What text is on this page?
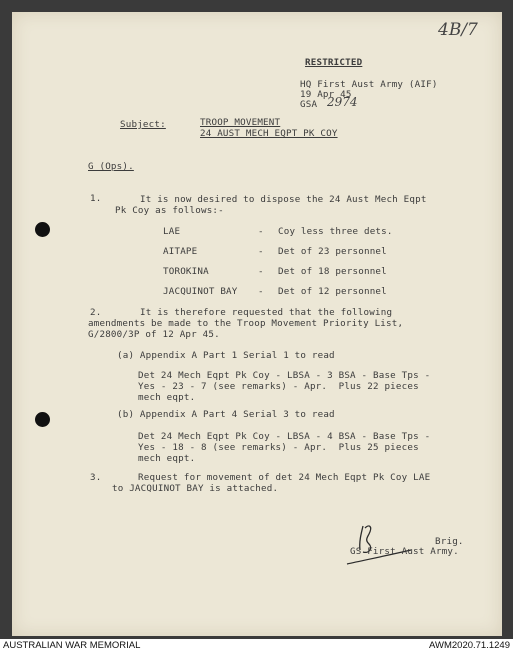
4B/7
RESTRICTED
HQ First Aust Army (AIF)
19 Apr 45
GSA 2974
Subject:	TROOP MOVEMENT
24 AUST MECH EQPT PK COY
G (Ops).
1.	It is now desired to dispose the 24 Aust Mech Eqpt
Pk Coy as follows:-
LAE	- Coy less three dets.
AITAPE	- Det of 23 personnel
TOROKINA	- Det of 18 personnel
JACQUINOT BAY - Det of 12 personnel
2.	It is therefore requested that the following
amendments be made to the Troop Movement Priority List,
G/2800/3P of 12 Apr 45.
(a) Appendix A Part 1 Serial 1 to read
Det 24 Mech Eqpt Pk Coy - LBSA - 3 BSA - Base Tps -
Yes - 23 - 7 (see remarks) - Apr.  Plus 22 pieces
mech eqpt.
(b) Appendix A Part 4 Serial 3 to read
Det 24 Mech Eqpt Pk Coy - LBSA - 4 BSA - Base Tps -
Yes - 18 - 8 (see remarks) - Apr.  Plus 25 pieces
mech eqpt.
3.	Request for movement of det 24 Mech Eqpt Pk Coy LAE
to JACQUINOT BAY is attached.
Brig.
GS First Aust Army.
AUSTRALIAN WAR MEMORIAL	AWM2020.71.1249
